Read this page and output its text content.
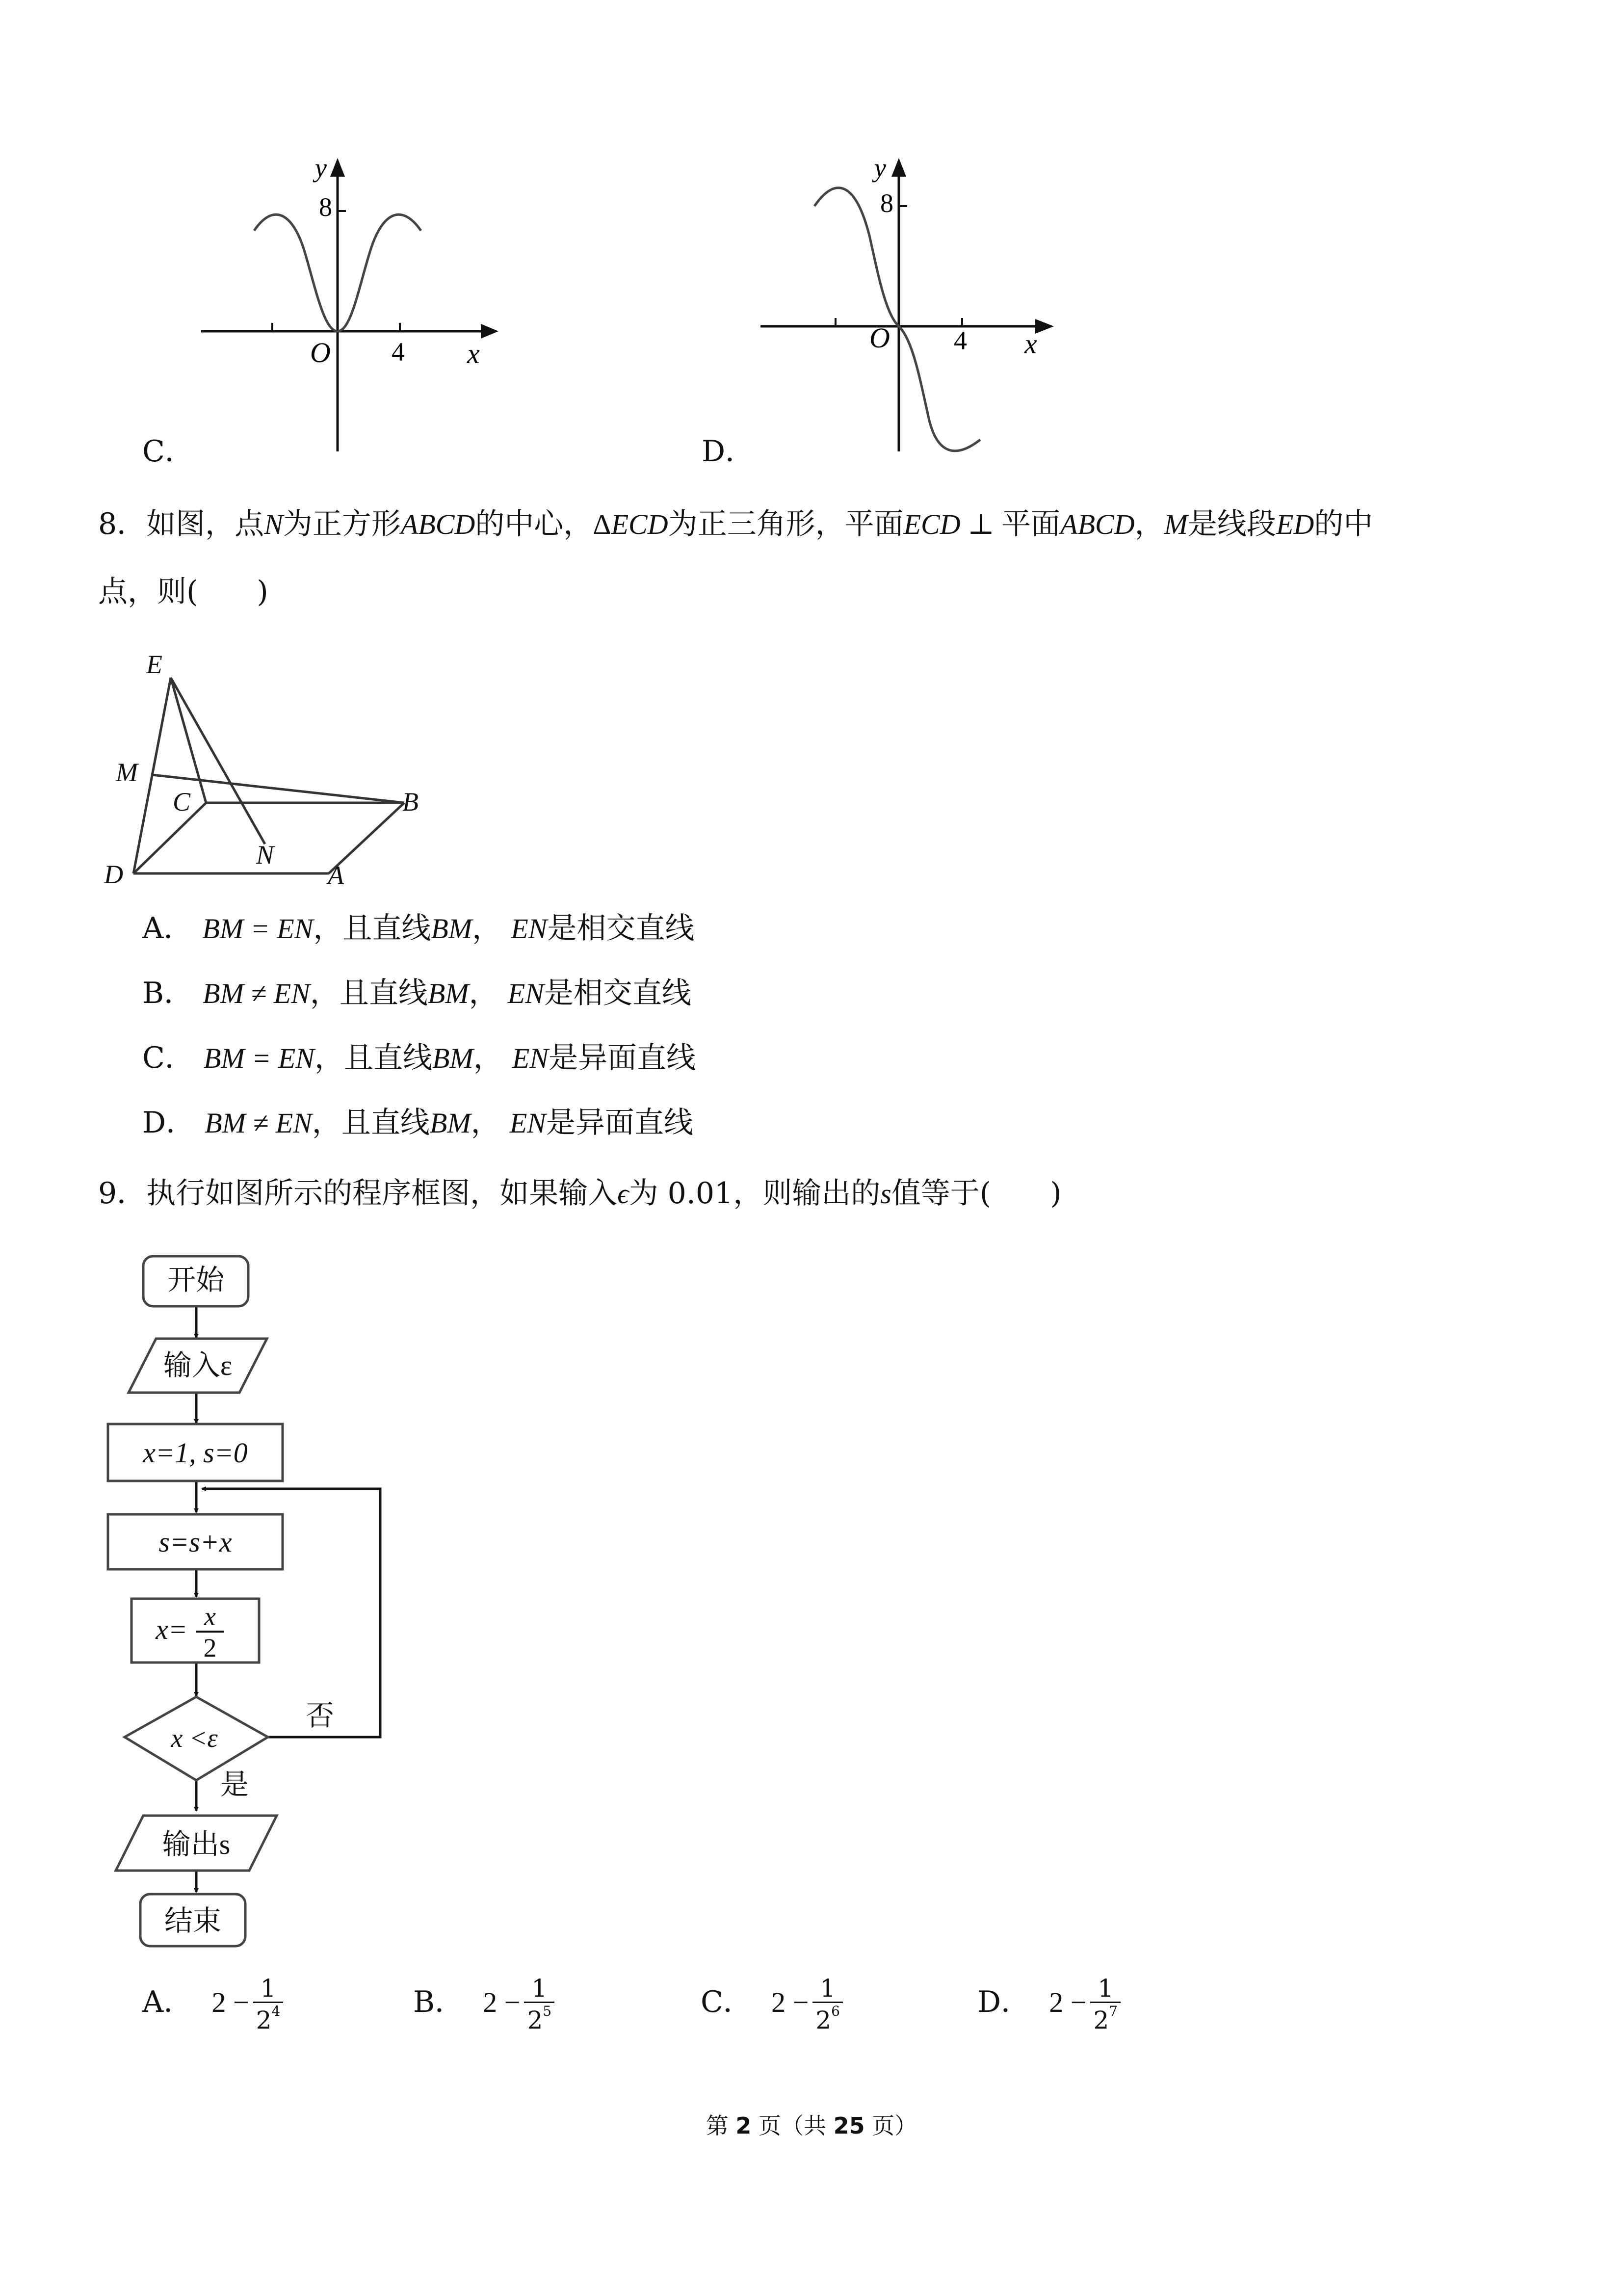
y
8
O 4 x
C．
y
8
O 4 x
D．
8．如图，点N为正方形ABCD的中心，ΔECD为正三角形，平面ECD ⊥ 平面ABCD，M是线段ED的中
点，则(　　)
E
M
C	B
N
D	A
A． BM = EN，且直线BM， EN是相交直线
B． BM ≠ EN，且直线BM， EN是相交直线
C． BM = EN，且直线BM， EN是异面直线
D． BM ≠ EN，且直线BM， EN是异面直线
9．执行如图所示的程序框图，如果输入ϵ为 0.01，则输出的s值等于(　　)
开始
输入ε
x=1, s=0
s=s+x
x= x
2
x <ε
否
是
输出s
结束
A． $2 - \frac{1}{2^4}$	B． $2 - \frac{1}{2^5}$	C． $2 - \frac{1}{2^6}$	D． $2 - \frac{1}{2^7}$
第 2 页（共 25 页）
